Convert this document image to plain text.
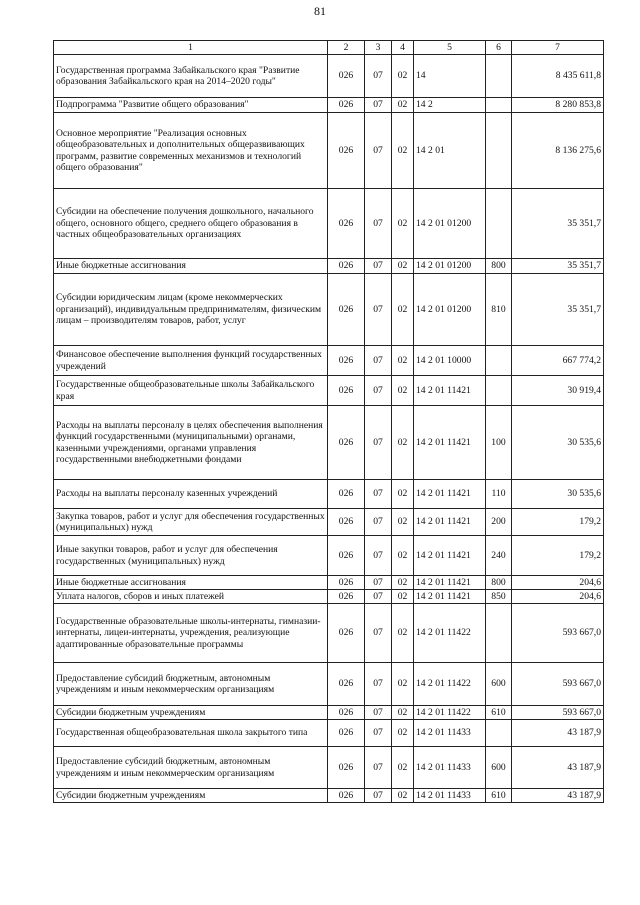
81
1	2	3	4	5	6	7
Государственная программа Забайкальского края "Развитие образования Забайкальского края на 2014–2020 годы"	026	07	02	14		8 435 611,8
Подпрограмма "Развитие общего образования"	026	07	02	14 2		8 280 853,8
Основное мероприятие "Реализация основных общеобразовательных и дополнительных общеразвивающих программ, развитие современных механизмов и технологий общего образования"	026	07	02	14 2 01		8 136 275,6
Субсидии на обеспечение получения дошкольного, начального общего, основного общего, среднего общего образования в частных общеобразовательных организациях	026	07	02	14 2 01 01200		35 351,7
Иные бюджетные ассигнования	026	07	02	14 2 01 01200	800	35 351,7
Субсидии юридическим лицам (кроме некоммерческих организаций), индивидуальным предпринимателям, физическим лицам – производителям товаров, работ, услуг	026	07	02	14 2 01 01200	810	35 351,7
Финансовое обеспечение выполнения функций государственных учреждений	026	07	02	14 2 01 10000		667 774,2
Государственные общеобразовательные школы Забайкальского края	026	07	02	14 2 01 11421		30 919,4
Расходы на выплаты персоналу в целях обеспечения выполнения функций государственными (муниципальными) органами, казенными учреждениями, органами управления государственными внебюджетными фондами	026	07	02	14 2 01 11421	100	30 535,6
Расходы на выплаты персоналу казенных учреждений	026	07	02	14 2 01 11421	110	30 535,6
Закупка товаров, работ и услуг для обеспечения государственных (муниципальных) нужд	026	07	02	14 2 01 11421	200	179,2
Иные закупки товаров, работ и услуг для обеспечения государственных (муниципальных) нужд	026	07	02	14 2 01 11421	240	179,2
Иные бюджетные ассигнования	026	07	02	14 2 01 11421	800	204,6
Уплата налогов, сборов и иных платежей	026	07	02	14 2 01 11421	850	204,6
Государственные образовательные школы-интернаты, гимназии-интернаты, лицеи-интернаты, учреждения, реализующие адаптированные образовательные программы	026	07	02	14 2 01 11422		593 667,0
Предоставление субсидий бюджетным, автономным учреждениям и иным некоммерческим организациям	026	07	02	14 2 01 11422	600	593 667,0
Субсидии бюджетным учреждениям	026	07	02	14 2 01 11422	610	593 667,0
Государственная общеобразовательная школа закрытого типа	026	07	02	14 2 01 11433		43 187,9
Предоставление субсидий бюджетным, автономным учреждениям и иным некоммерческим организациям	026	07	02	14 2 01 11433	600	43 187,9
Субсидии бюджетным учреждениям	026	07	02	14 2 01 11433	610	43 187,9
